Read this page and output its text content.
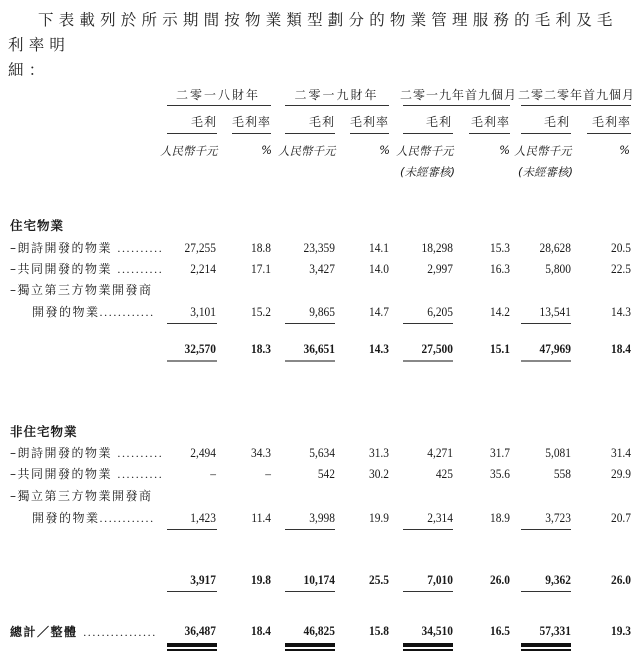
下表載列於所示期間按物業類型劃分的物業管理服務的毛利及毛利率明
細：
二零一八財年	二零一九財年	二零一九年首九個月 二零二零年首九個月
毛利	毛利率	毛利	毛利率	毛利	毛利率	毛利	毛利率
人民幣千元	% 人民幣千元	% 人民幣千元	% 人民幣千元	%
(未經審核)	(未經審核)
住宅物業
–朗詩開發的物業 ..........	27,255	18.8	23,359	14.1	18,298	15.3	28,628	20.5
–共同開發的物業 ..........	2,214	17.1	3,427	14.0	2,997	16.3	5,800	22.5
–獨立第三方物業開發商
開發的物業............	3,101	15.2	9,865	14.7	6,205	14.2	13,541	14.3
32,570	18.3	36,651	14.3	27,500	15.1	47,969	18.4
非住宅物業
–朗詩開發的物業 ..........	2,494	34.3	5,634	31.3	4,271	31.7	5,081	31.4
–共同開發的物業 ..........	–	–	542	30.2	425	35.6	558	29.9
–獨立第三方物業開發商
開發的物業............	1,423	11.4	3,998	19.9	2,314	18.9	3,723	20.7
3,917	19.8	10,174	25.5	7,010	26.0	9,362	26.0
總計／整體 ................	36,487	18.4	46,825	15.8	34,510	16.5	57,331	19.3
